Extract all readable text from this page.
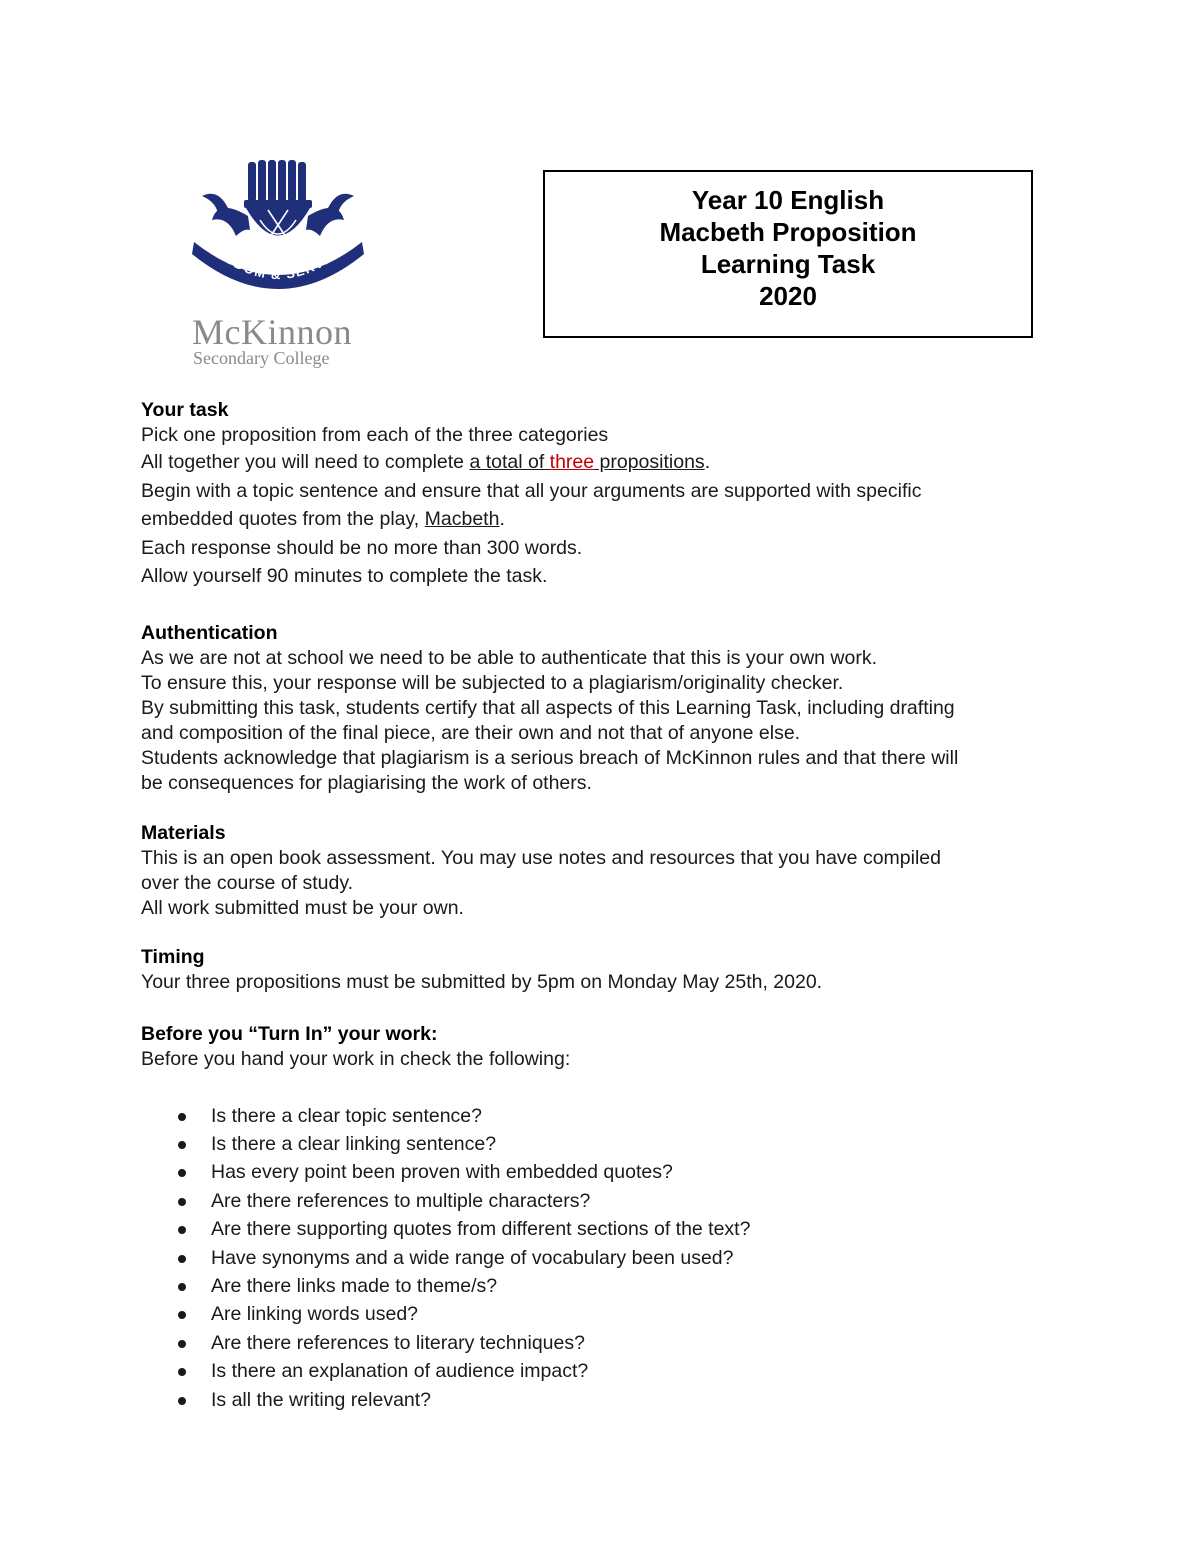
WISDOM & SERVICE
McKinnon
Secondary College
Year 10 English
Macbeth Proposition
Learning Task
2020
Your task
Pick one proposition from each of the three categories
All together you will need to complete a total of three propositions.
Begin with a topic sentence and ensure that all your arguments are supported with specific
embedded quotes from the play, Macbeth.
Each response should be no more than 300 words.
Allow yourself 90 minutes to complete the task.
Authentication
As we are not at school we need to be able to authenticate that this is your own work.
To ensure this, your response will be subjected to a plagiarism/originality checker.
By submitting this task, students certify that all aspects of this Learning Task, including drafting
and composition of the final piece, are their own and not that of anyone else.
Students acknowledge that plagiarism is a serious breach of McKinnon rules and that there will
be consequences for plagiarising the work of others.
Materials
This is an open book assessment. You may use notes and resources that you have compiled
over the course of study.
All work submitted must be your own.
Timing
Your three propositions must be submitted by 5pm on Monday May 25th, 2020.
Before you “Turn In” your work:
Before you hand your work in check the following:
Is there a clear topic sentence?
Is there a clear linking sentence?
Has every point been proven with embedded quotes?
Are there references to multiple characters?
Are there supporting quotes from different sections of the text?
Have synonyms and a wide range of vocabulary been used?
Are there links made to theme/s?
Are linking words used?
Are there references to literary techniques?
Is there an explanation of audience impact?
Is all the writing relevant?
